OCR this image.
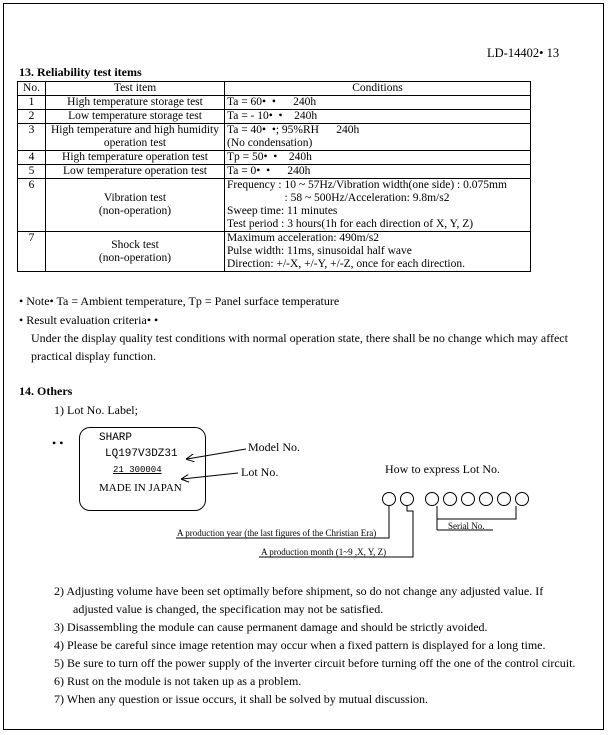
LD-14402• 13
13. Reliability test items
No.	Test item	Conditions
1	High temperature storage test	Ta = 60•  •      240h

2	Low temperature storage test	Ta = - 10•  •    240h

3	High temperature and high humidity
operation test	Ta = 40•  •; 95%RH      240h
(No condensation)

4	High temperature operation test	Tp = 50•  •    240h

5	Low temperature operation test	Ta = 0•  •      240h

6	Vibration test
(non-operation)	Frequency : 10 ~ 57Hz/Vibration width(one side) : 0.075mm
: 58 ~ 500Hz/Acceleration: 9.8m/s2
Sweep time: 11 minutes
Test period : 3 hours(1h for each direction of X, Y, Z)

7	Shock test
(non-operation)	Maximum acceleration: 490m/s2
Pulse width: 11ms, sinusoidal half wave
Direction: +/-X, +/-Y, +/-Z, once for each direction.
• Note• Ta = Ambient temperature, Tp = Panel surface temperature
• Result evaluation criteria• •
Under the display quality test conditions with normal operation state, there shall be no change which may affect
practical display function.
14. Others
1) Lot No. Label;
• •	SHARP
LQ197V3DZ31
21 300004
MADE IN JAPAN
Model No.
Lot No.	How to express Lot No.
Serial No.
A production year (the last figures of the Christian Era)
A production month (1~9 ,X, Y, Z)
2) Adjusting volume have been set optimally before shipment, so do not change any adjusted value. If
adjusted value is changed, the specification may not be satisfied.
3) Disassembling the module can cause permanent damage and should be strictly avoided.
4) Please be careful since image retention may occur when a fixed pattern is displayed for a long time.
5) Be sure to turn off the power supply of the inverter circuit before turning off the one of the control circuit.
6) Rust on the module is not taken up as a problem.
7) When any question or issue occurs, it shall be solved by mutual discussion.
